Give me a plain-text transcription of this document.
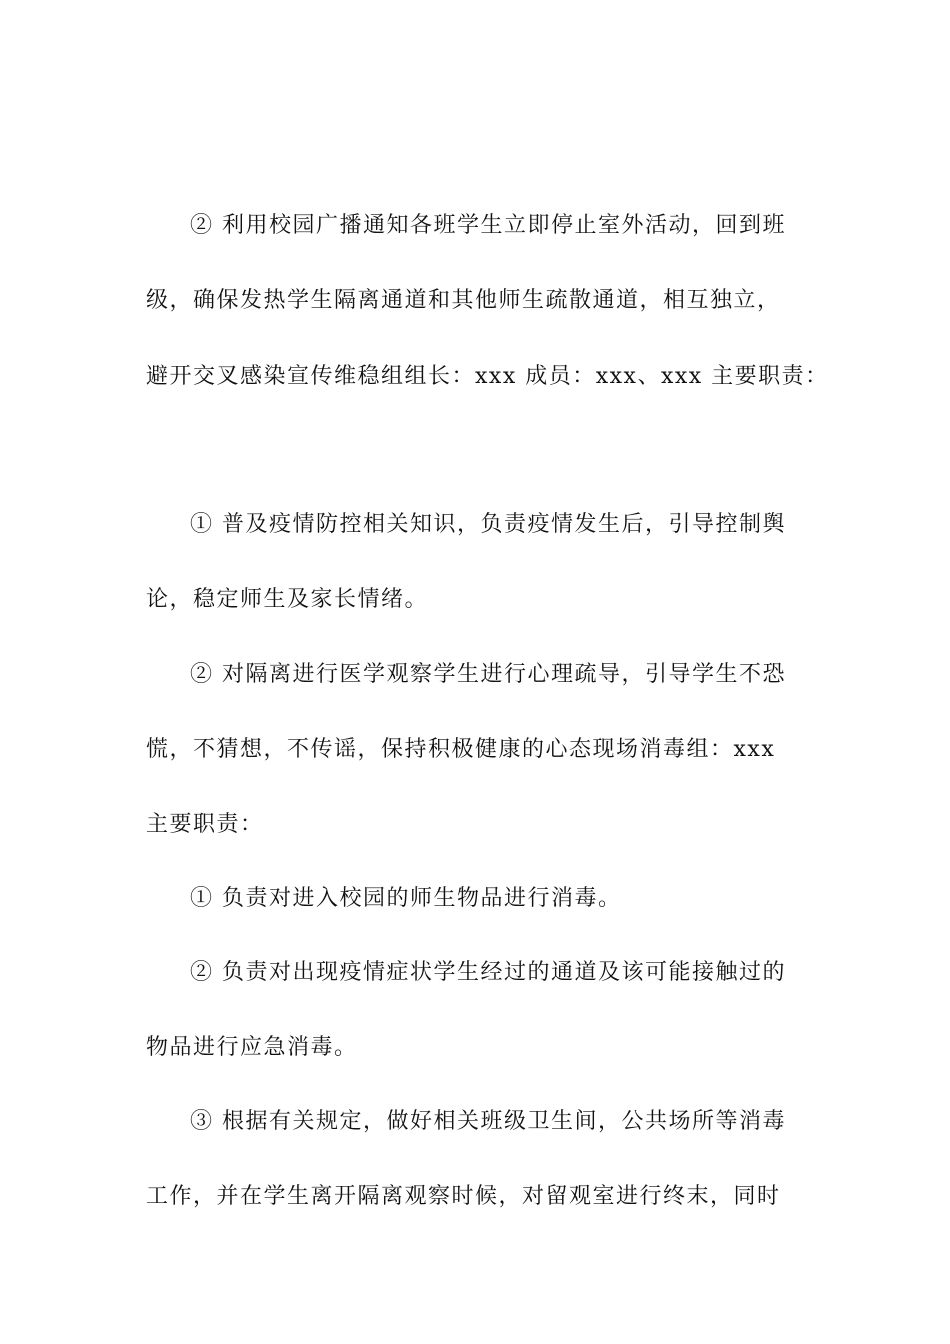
② 利用校园广播通知各班学生立即停止室外活动，回到班
级，确保发热学生隔离通道和其他师生疏散通道，相互独立，
避开交叉感染宣传维稳组组长：xxx 成员：xxx、xxx 主要职责：
① 普及疫情防控相关知识，负责疫情发生后，引导控制舆
论，稳定师生及家长情绪。
② 对隔离进行医学观察学生进行心理疏导，引导学生不恐
慌，不猜想，不传谣，保持积极健康的心态现场消毒组：xxx
主要职责：
① 负责对进入校园的师生物品进行消毒。
② 负责对出现疫情症状学生经过的通道及该可能接触过的
物品进行应急消毒。
③ 根据有关规定，做好相关班级卫生间，公共场所等消毒
工作，并在学生离开隔离观察时候，对留观室进行终末，同时
